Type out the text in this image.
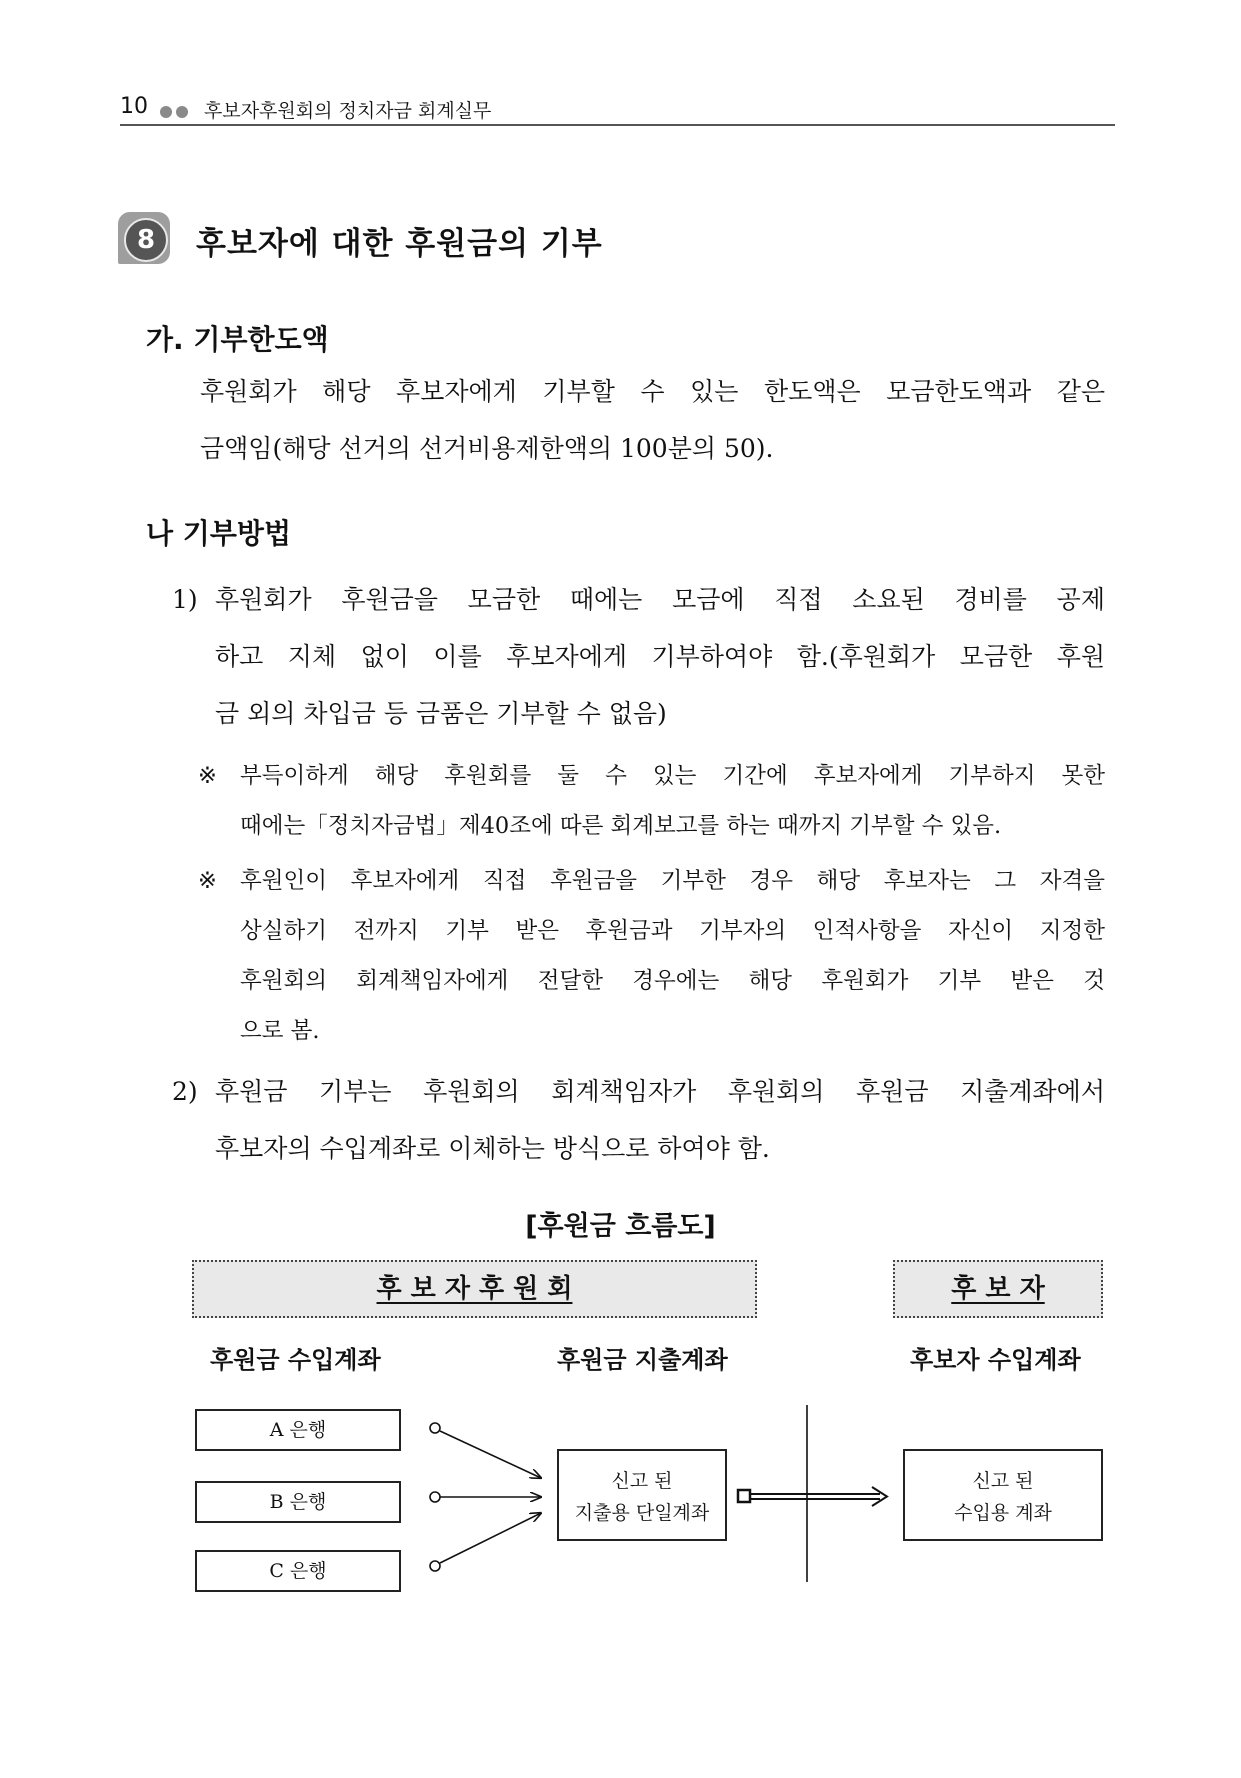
10	후보자후원회의 정치자금 회계실무
8	후보자에 대한 후원금의 기부
가. 기부한도액
후원회가 해당 후보자에게 기부할 수 있는 한도액은 모금한도액과 같은
금액임(해당 선거의 선거비용제한액의 100분의 50).
나 기부방법
1) 후원회가 후원금을 모금한 때에는 모금에 직접 소요된 경비를 공제
하고 지체 없이 이를 후보자에게 기부하여야 함.(후원회가 모금한 후원
금 외의 차입금 등 금품은 기부할 수 없음)
※ 부득이하게 해당 후원회를 둘 수 있는 기간에 후보자에게 기부하지 못한
때에는「정치자금법」제40조에 따른 회계보고를 하는 때까지 기부할 수 있음.
※ 후원인이 후보자에게 직접 후원금을 기부한 경우 해당 후보자는 그 자격을
상실하기 전까지 기부 받은 후원금과 기부자의 인적사항을 자신이 지정한
후원회의 회계책임자에게 전달한 경우에는 해당 후원회가 기부 받은 것
으로 봄.
2) 후원금 기부는 후원회의 회계책임자가 후원회의 후원금 지출계좌에서
후보자의 수입계좌로 이체하는 방식으로 하여야 함.
[후원금 흐름도]
후 보 자 후 원 회	후 보 자
후원금 수입계좌	후원금 지출계좌	후보자 수입계좌
A 은행
B 은행
C 은행
신고 된
지출용 단일계좌
신고 된
수입용 계좌
